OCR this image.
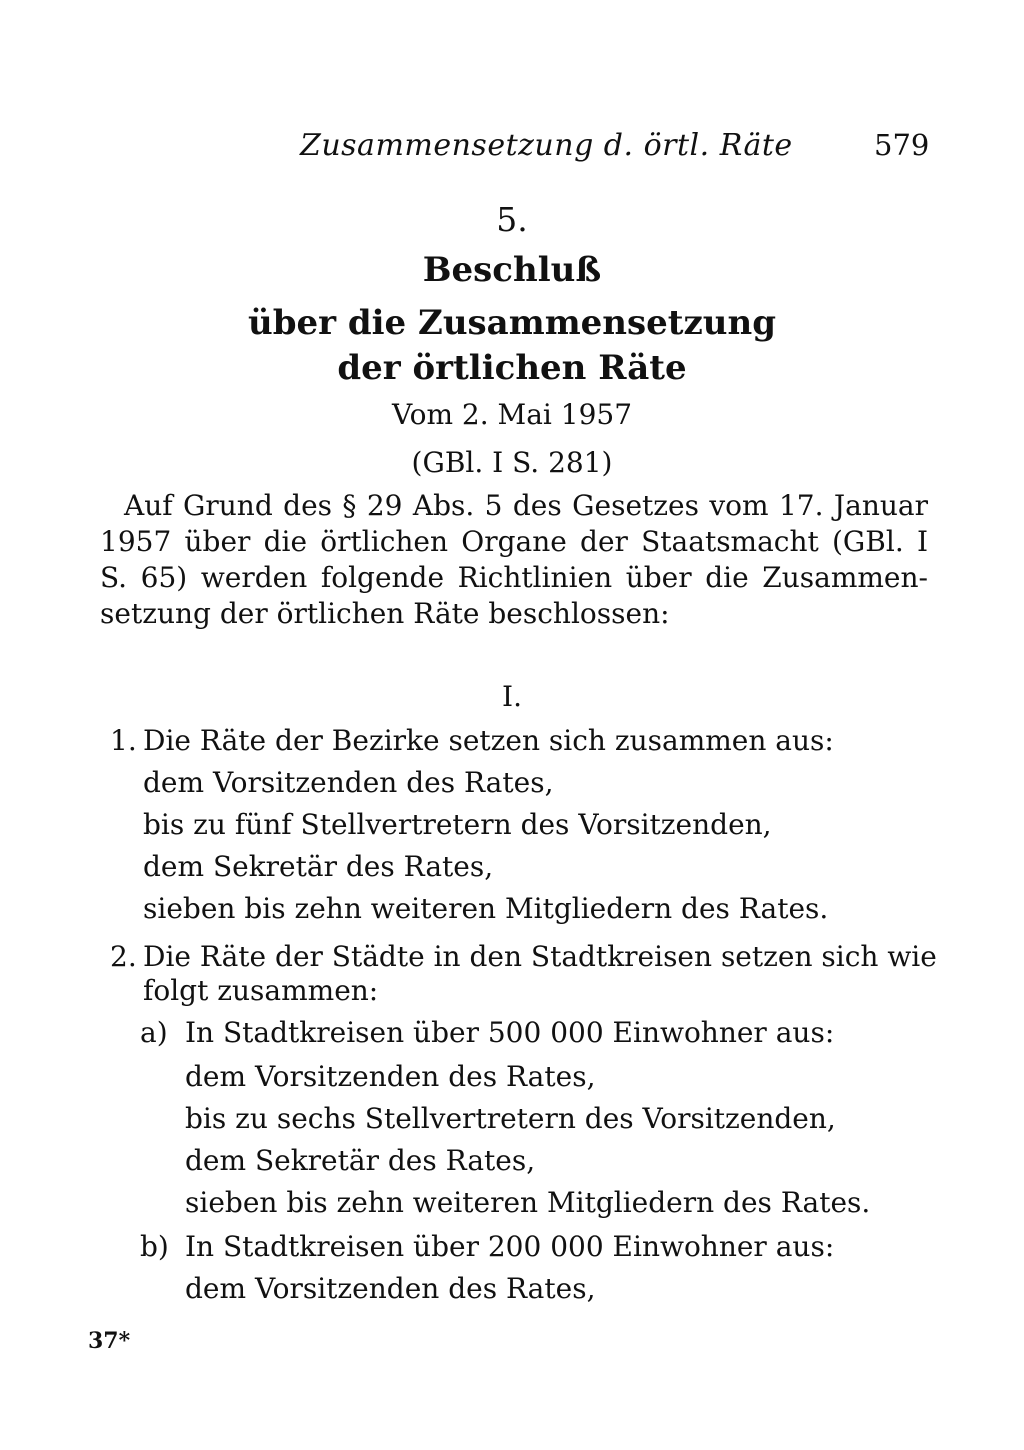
Zusammensetzung d. örtl. Räte	579
5.
Beschluß
über die Zusammensetzung
der örtlichen Räte
Vom 2. Mai 1957
(GBl. I S. 281)
Auf Grund des § 29 Abs. 5 des Gesetzes vom 17. Januar 1957 über die örtlichen Organe der Staatsmacht (GBl. I S. 65) werden folgende Richtlinien über die Zusammensetzung der örtlichen Räte beschlossen:
I.
1. Die Räte der Bezirke setzen sich zusammen aus:
dem Vorsitzenden des Rates,
bis zu fünf Stellvertretern des Vorsitzenden,
dem Sekretär des Rates,
sieben bis zehn weiteren Mitgliedern des Rates.
2. Die Räte der Städte in den Stadtkreisen setzen sich wie
folgt zusammen:
a) In Stadtkreisen über 500 000 Einwohner aus:
dem Vorsitzenden des Rates,
bis zu sechs Stellvertretern des Vorsitzenden,
dem Sekretär des Rates,
sieben bis zehn weiteren Mitgliedern des Rates.
b) In Stadtkreisen über 200 000 Einwohner aus:
dem Vorsitzenden des Rates,
37*
